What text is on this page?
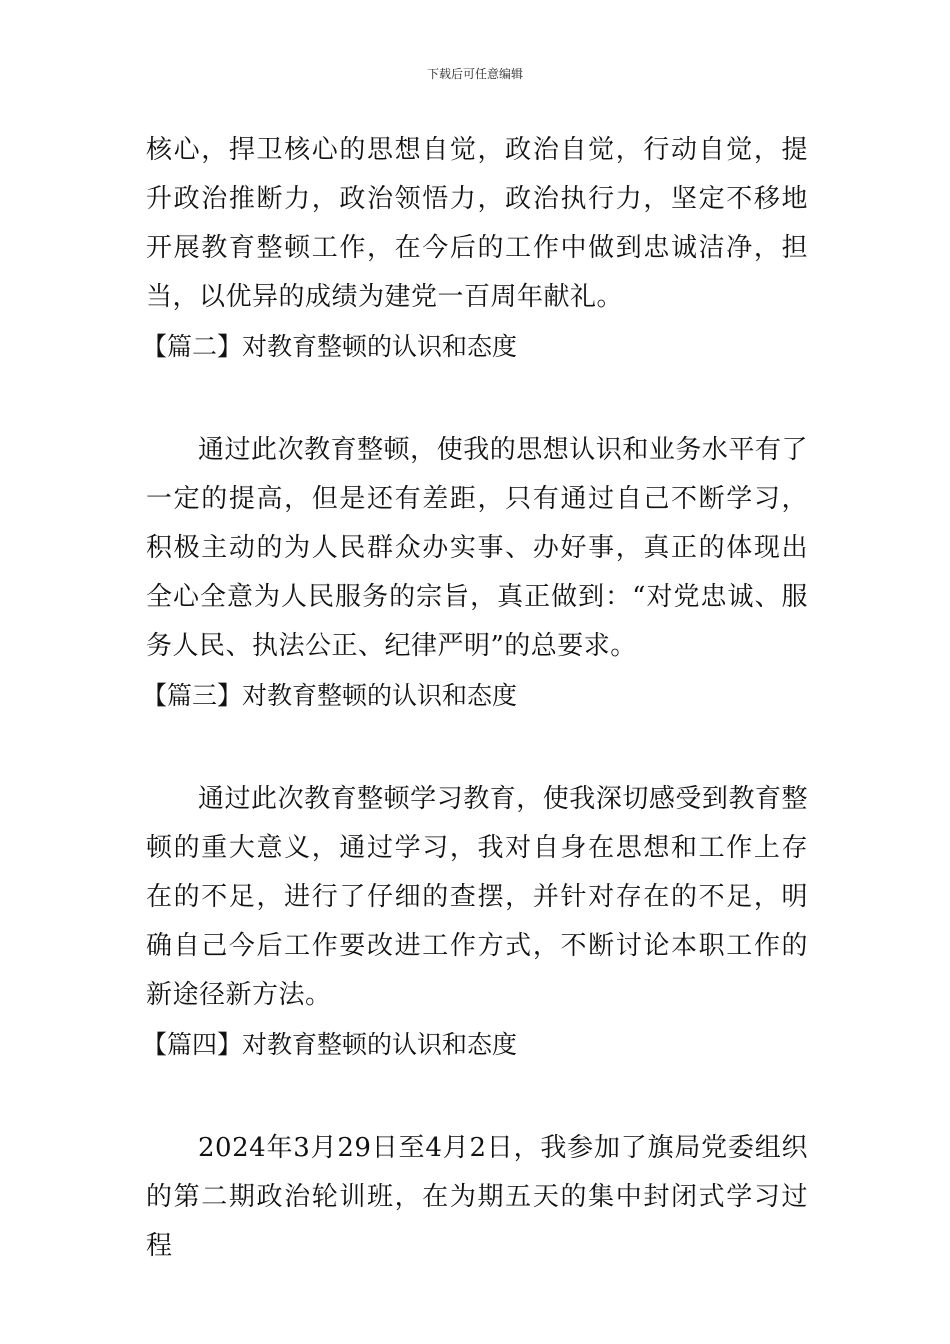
下载后可任意编辑

核心，捍卫核心的思想自觉，政治自觉，行动自觉，提升政治推断力，政治领悟力，政治执行力，坚定不移地开展教育整顿工作，在今后的工作中做到忠诚洁净，担当，以优异的成绩为建党一百周年献礼。

【篇二】对教育整顿的认识和态度

通过此次教育整顿，使我的思想认识和业务水平有了一定的提高，但是还有差距，只有通过自己不断学习，积极主动的为人民群众办实事、办好事，真正的体现出全心全意为人民服务的宗旨，真正做到：“对党忠诚、服务人民、执法公正、纪律严明”的总要求。

【篇三】对教育整顿的认识和态度

通过此次教育整顿学习教育，使我深切感受到教育整顿的重大意义，通过学习，我对自身在思想和工作上存在的不足，进行了仔细的查摆，并针对存在的不足，明确自己今后工作要改进工作方式，不断讨论本职工作的新途径新方法。

【篇四】对教育整顿的认识和态度

2024年3月29日至4月2日，我参加了旗局党委组织的第二期政治轮训班，在为期五天的集中封闭式学习过程
